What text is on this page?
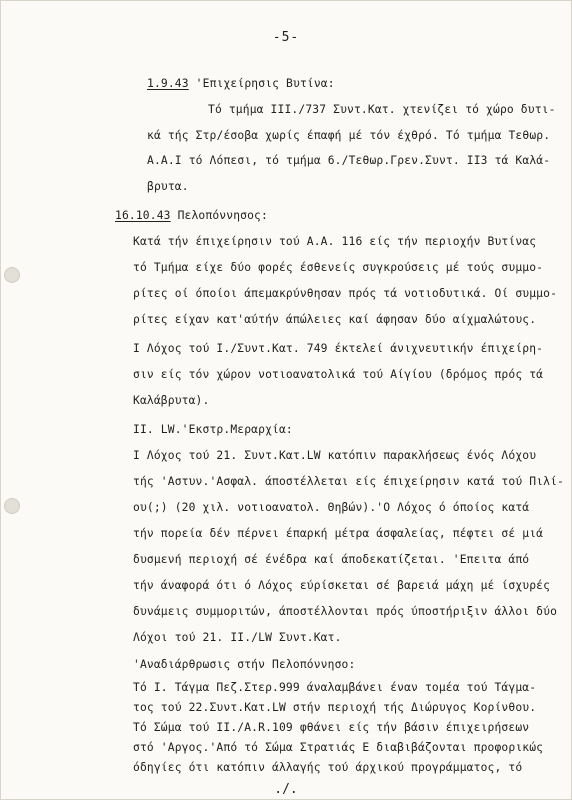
-5-
1.9.43 'Επιχείρησις Βυτίνα:
Τό τμήμα III./737 Συντ.Κατ. χτενίζει τό χώρο δυτι-
κά τής Στρ/έσοβα χωρίς έπαφή μέ τόν έχθρό. Τό τμήμα Τεθωρ.
Α.Α.Ι τό Λόπεσι, τό τμήμα 6./Τεθωρ.Γρεν.Συντ. ΙΙ3 τά Καλά-
βρυτα.
16.10.43 Πελοπόννησος:
Κατά τήν έπιχείρησιν τού Α.Α. 116 είς τήν περιοχήν Βυτίνας
τό Τμήμα είχε δύο φορές έσθενείς συγκρούσεις μέ τούς συμμο-
ρίτες οί όποίοι άπεμακρύνθησαν πρός τά νοτιοδυτικά. Οί συμμο-
ρίτες είχαν κατ'αύτήν άπώλειες καί άφησαν δύο αίχμαλώτους.
Ι Λόχος τού Ι./Συντ.Κατ. 749 έκτελεί άνιχνευτικήν έπιχείρη-
σιν είς τόν χώρον νοτιοανατολικά τού Αίγίου (δρόμος πρός τά
Καλάβρυτα).
ΙΙ. LW.'Εκστρ.Μεραρχία:
Ι Λόχος τού 21. Συντ.Κατ.LW κατόπιν παρακλήσεως ένός Λόχου
τής 'Αστυν.'Ασφαλ. άποστέλλεται είς έπιχείρησιν κατά τού Πιλί-
ου(;) (20 χιλ. νοτιοανατολ. Θηβών).'Ο Λόχος ό όποίος κατά
τήν πορεία δέν πέρνει έπαρκή μέτρα άσφαλείας, πέφτει σέ μιά
δυσμενή περιοχή σέ ένέδρα καί άποδεκατίζεται. 'Επειτα άπό
τήν άναφορά ότι ό Λόχος εύρίσκεται σέ βαρειά μάχη μέ ίσχυρές
δυνάμεις συμμοριτών, άποστέλλονται πρός ύποστήριξιν άλλοι δύο
Λόχοι τού 21. ΙΙ./LW Συντ.Κατ.
'Αναδιάρθρωσις στήν Πελοπόννησο:
Τό Ι. Τάγμα Πεζ.Στερ.999 άναλαμβάνει έναν τομέα τού Τάγμα-
τος τού 22.Συντ.Κατ.LW στήν περιοχή τής Διώρυγος Κορίνθου.
Τό Σώμα τού ΙΙ./A.R.109 φθάνει είς τήν βάσιν έπιχειρήσεων
στό 'Αργος.'Από τό Σώμα Στρατιάς Ε διαβιβάζονται προφορικώς
όδηγίες ότι κατόπιν άλλαγής τού άρχικού προγράμματος, τό
./.
